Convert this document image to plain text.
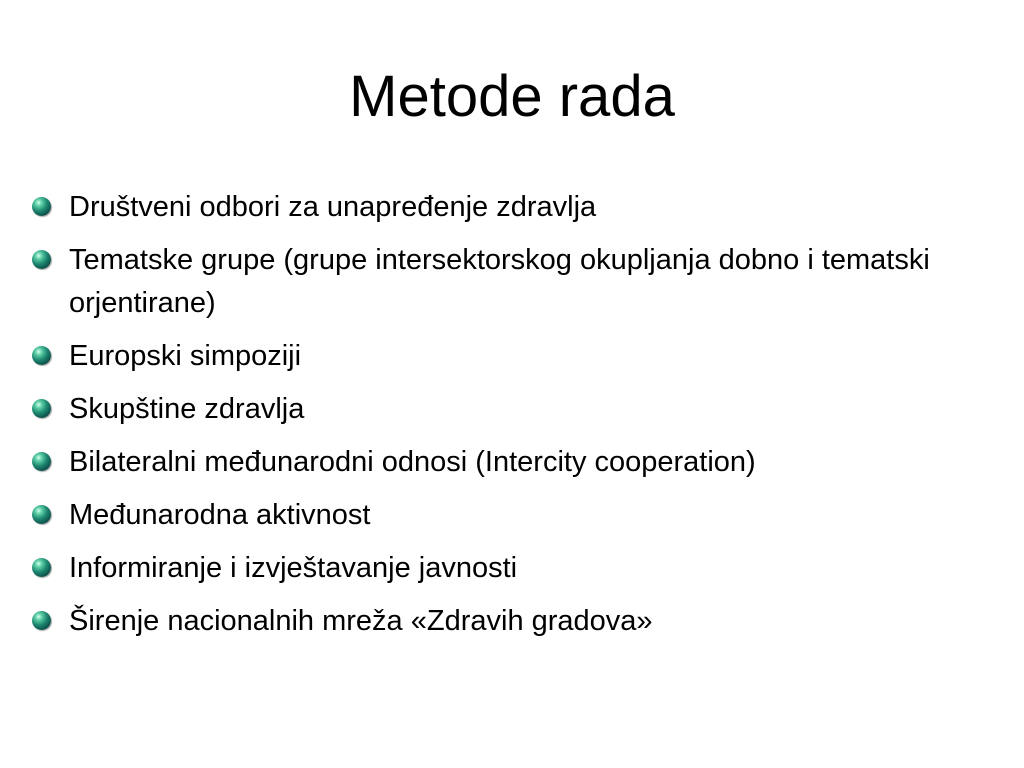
Metode rada
Društveni odbori za unapređenje zdravlja
Tematske grupe (grupe intersektorskog okupljanja dobno i tematski orjentirane)
Europski simpoziji
Skupštine zdravlja
Bilateralni međunarodni odnosi (Intercity cooperation)
Međunarodna aktivnost
Informiranje i izvještavanje javnosti
Širenje nacionalnih mreža «Zdravih gradova»
